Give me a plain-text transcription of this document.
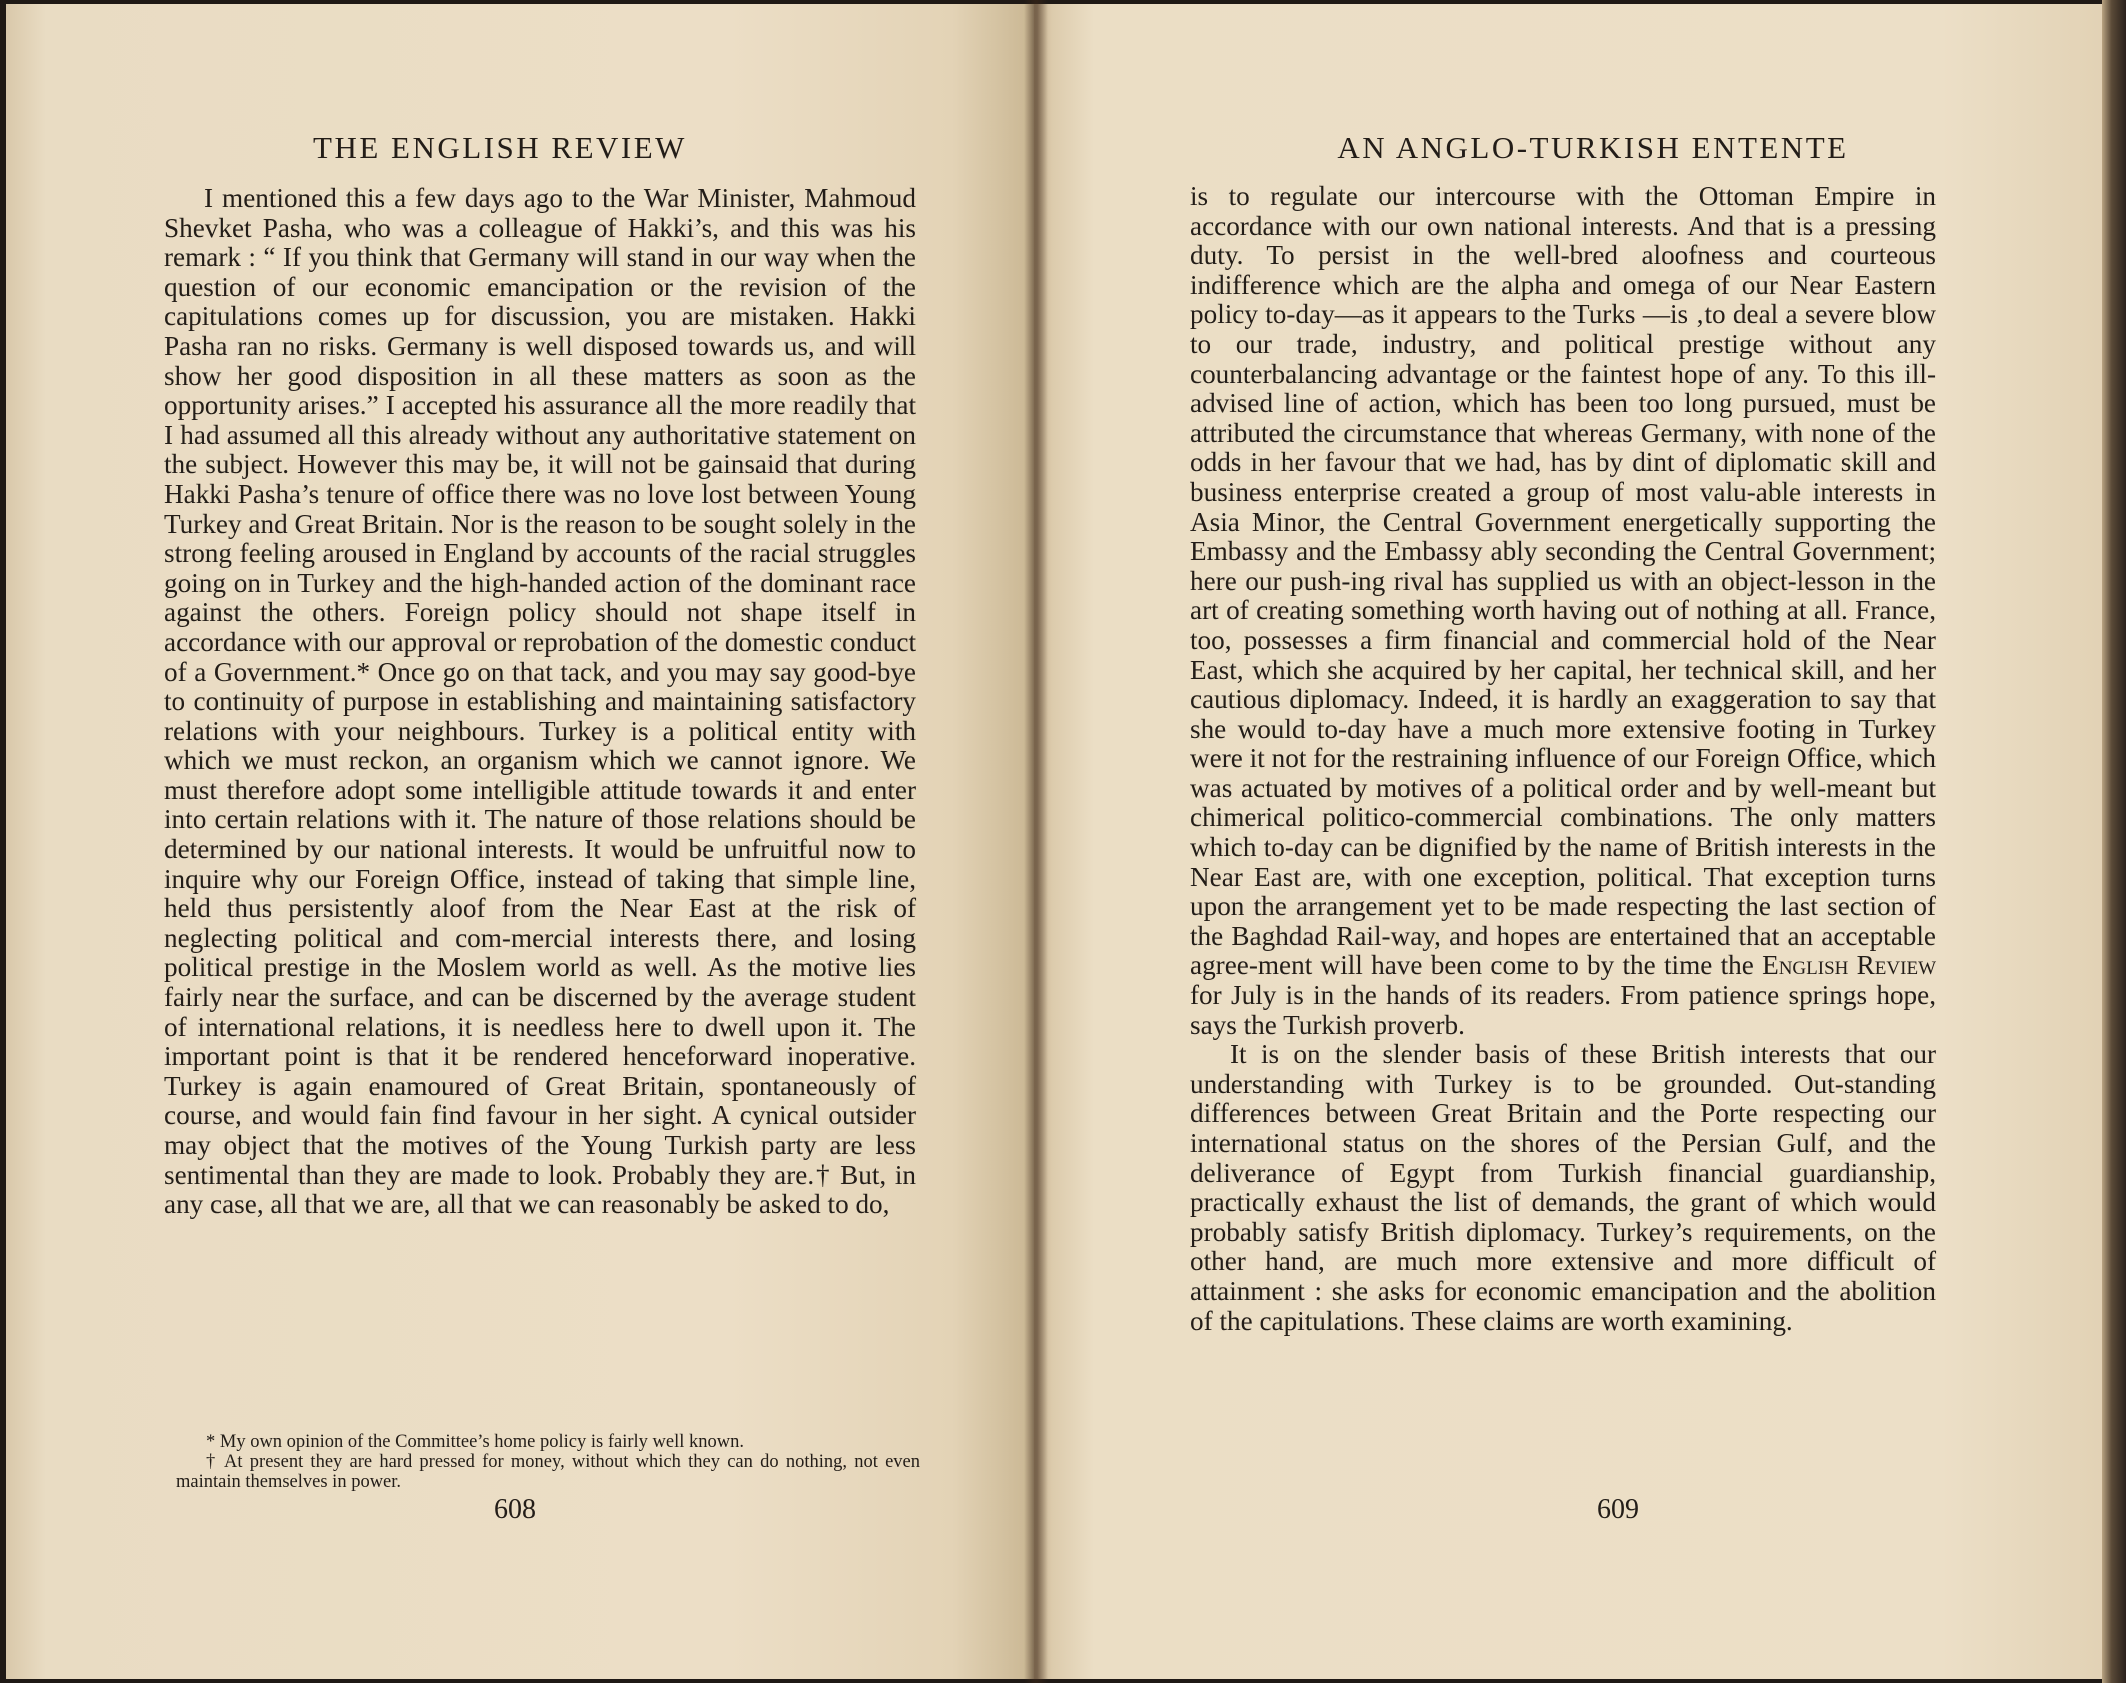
THE ENGLISH REVIEW

I mentioned this a few days ago to the War Minister, Mahmoud Shevket Pasha, who was a colleague of Hakki’s, and this was his remark : “ If you think that Germany will stand in our way when the question of our economic emancipation or the revision of the capitulations comes up for discussion, you are mistaken. Hakki Pasha ran no risks. Germany is well disposed towards us, and will show her good disposition in all these matters as soon as the opportunity arises.” I accepted his assurance all the more readily that I had assumed all this already without any authoritative statement on the subject. However this may be, it will not be gainsaid that during Hakki Pasha’s tenure of office there was no love lost between Young Turkey and Great Britain. Nor is the reason to be sought solely in the strong feeling aroused in England by accounts of the racial struggles going on in Turkey and the high-handed action of the dominant race against the others. Foreign policy should not shape itself in accordance with our approval or reprobation of the domestic conduct of a Government.* Once go on that tack, and you may say good-bye to continuity of purpose in establishing and maintaining satisfactory relations with your neighbours. Turkey is a political entity with which we must reckon, an organism which we cannot ignore. We must therefore adopt some intelligible attitude towards it and enter into certain relations with it. The nature of those relations should be determined by our national interests. It would be unfruitful now to inquire why our Foreign Office, instead of taking that simple line, held thus persistently aloof from the Near East at the risk of neglecting political and com-mercial interests there, and losing political prestige in the Moslem world as well. As the motive lies fairly near the surface, and can be discerned by the average student of international relations, it is needless here to dwell upon it. The important point is that it be rendered henceforward inoperative. Turkey is again enamoured of Great Britain, spontaneously of course, and would fain find favour in her sight. A cynical outsider may object that the motives of the Young Turkish party are less sentimental than they are made to look. Probably they are.† But, in any case, all that we are, all that we can reasonably be asked to do,

* My own opinion of the Committee’s home policy is fairly well known.

† At present they are hard pressed for money, without which they can do nothing, not even maintain themselves in power.

608
AN ANGLO-TURKISH ENTENTE

is to regulate our intercourse with the Ottoman Empire in accordance with our own national interests. And that is a pressing duty. To persist in the well-bred aloofness and courteous indifference which are the alpha and omega of our Near Eastern policy to-day—as it appears to the Turks —is ‚to deal a severe blow to our trade, industry, and political prestige without any counterbalancing advantage or the faintest hope of any. To this ill-advised line of action, which has been too long pursued, must be attributed the circumstance that whereas Germany, with none of the odds in her favour that we had, has by dint of diplomatic skill and business enterprise created a group of most valu-able interests in Asia Minor, the Central Government energetically supporting the Embassy and the Embassy ably seconding the Central Government; here our push-ing rival has supplied us with an object-lesson in the art of creating something worth having out of nothing at all. France, too, possesses a firm financial and commercial hold of the Near East, which she acquired by her capital, her technical skill, and her cautious diplomacy. Indeed, it is hardly an exaggeration to say that she would to-day have a much more extensive footing in Turkey were it not for the restraining influence of our Foreign Office, which was actuated by motives of a political order and by well-meant but chimerical politico-commercial combinations. The only matters which to-day can be dignified by the name of British interests in the Near East are, with one exception, political. That exception turns upon the arrangement yet to be made respecting the last section of the Baghdad Rail-way, and hopes are entertained that an acceptable agree-ment will have been come to by the time the English Review for July is in the hands of its readers. From patience springs hope, says the Turkish proverb.

It is on the slender basis of these British interests that our understanding with Turkey is to be grounded. Out-standing differences between Great Britain and the Porte respecting our international status on the shores of the Persian Gulf, and the deliverance of Egypt from Turkish financial guardianship, practically exhaust the list of demands, the grant of which would probably satisfy British diplomacy. Turkey’s requirements, on the other hand, are much more extensive and more difficult of attainment : she asks for economic emancipation and the abolition of the capitulations. These claims are worth examining.

609
